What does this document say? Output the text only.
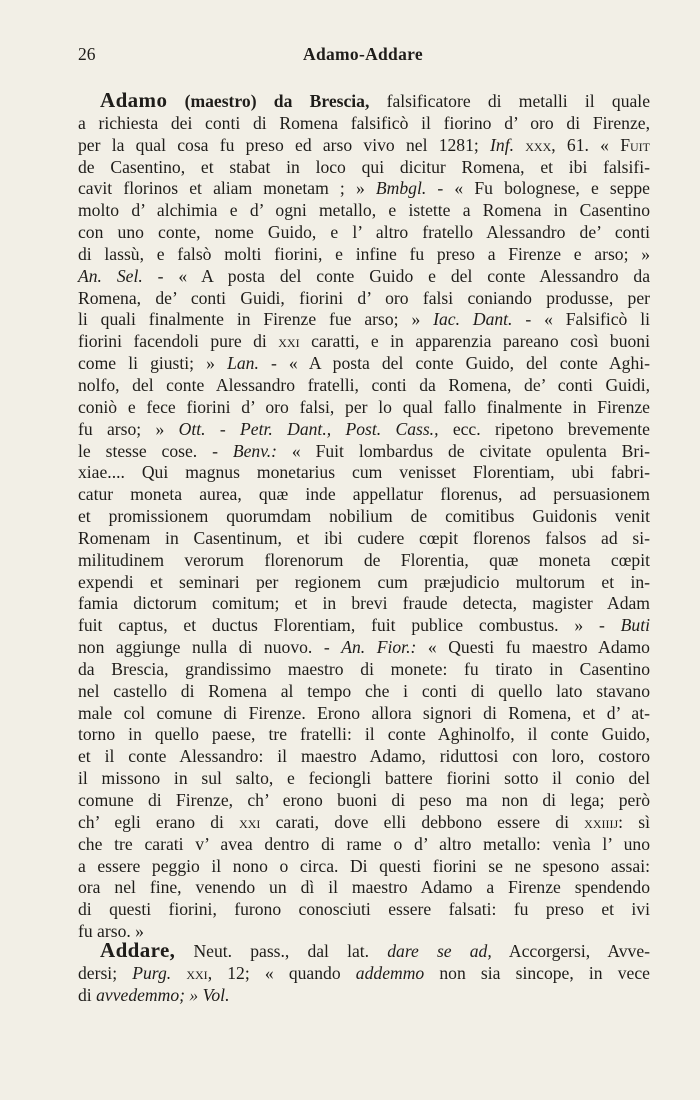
26	Adamo-Addare
Adamo (maestro) da Brescia, falsificatore di metalli il quale
a richiesta dei conti di Romena falsificò il fiorino d’ oro di Firenze,
per la qual cosa fu preso ed arso vivo nel 1281; Inf. xxx, 61. « Fuit
de Casentino, et stabat in loco qui dicitur Romena, et ibi falsifi-
cavit florinos et aliam monetam ; » Bmbgl. - « Fu bolognese, e seppe
molto d’ alchimia e d’ ogni metallo, e istette a Romena in Casentino
con uno conte, nome Guido, e l’ altro fratello Alessandro de’ conti
di lassù, e falsò molti fiorini, e infine fu preso a Firenze e arso; »
An. Sel. - « A posta del conte Guido e del conte Alessandro da
Romena, de’ conti Guidi, fiorini d’ oro falsi coniando produsse, per
li quali finalmente in Firenze fue arso; » Iac. Dant. - « Falsificò li
fiorini facendoli pure di xxi caratti, e in apparenzia pareano così buoni
come li giusti; » Lan. - « A posta del conte Guido, del conte Aghi-
nolfo, del conte Alessandro fratelli, conti da Romena, de’ conti Guidi,
coniò e fece fiorini d’ oro falsi, per lo qual fallo finalmente in Firenze
fu arso; » Ott. - Petr. Dant., Post. Cass., ecc. ripetono brevemente
le stesse cose. - Benv.: « Fuit lombardus de civitate opulenta Bri-
xiae.... Qui magnus monetarius cum venisset Florentiam, ubi fabri-
catur moneta aurea, quæ inde appellatur florenus, ad persuasionem
et promissionem quorumdam nobilium de comitibus Guidonis venit
Romenam in Casentinum, et ibi cudere cœpit florenos falsos ad si-
militudinem verorum florenorum de Florentia, quæ moneta cœpit
expendi et seminari per regionem cum præjudicio multorum et in-
famia dictorum comitum; et in brevi fraude detecta, magister Adam
fuit captus, et ductus Florentiam, fuit publice combustus. » - Buti
non aggiunge nulla di nuovo. - An. Fior.: « Questi fu maestro Adamo
da Brescia, grandissimo maestro di monete: fu tirato in Casentino
nel castello di Romena al tempo che i conti di quello lato stavano
male col comune di Firenze. Erono allora signori di Romena, et d’ at-
torno in quello paese, tre fratelli: il conte Aghinolfo, il conte Guido,
et il conte Alessandro: il maestro Adamo, riduttosi con loro, costoro
il missono in sul salto, e feciongli battere fiorini sotto il conio del
comune di Firenze, ch’ erono buoni di peso ma non di lega; però
ch’ egli erano di xxi carati, dove elli debbono essere di xxiiij: sì
che tre carati v’ avea dentro di rame o d’ altro metallo: venìa l’ uno
a essere peggio il nono o circa. Di questi fiorini se ne spesono assai:
ora nel fine, venendo un dì il maestro Adamo a Firenze spendendo
di questi fiorini, furono conosciuti essere falsati: fu preso et ivi
fu arso. »
Addare, Neut. pass., dal lat. dare se ad, Accorgersi, Avve-
dersi; Purg. xxi, 12; « quando addemmo non sia sincope, in vece
di avvedemmo; » Vol.
